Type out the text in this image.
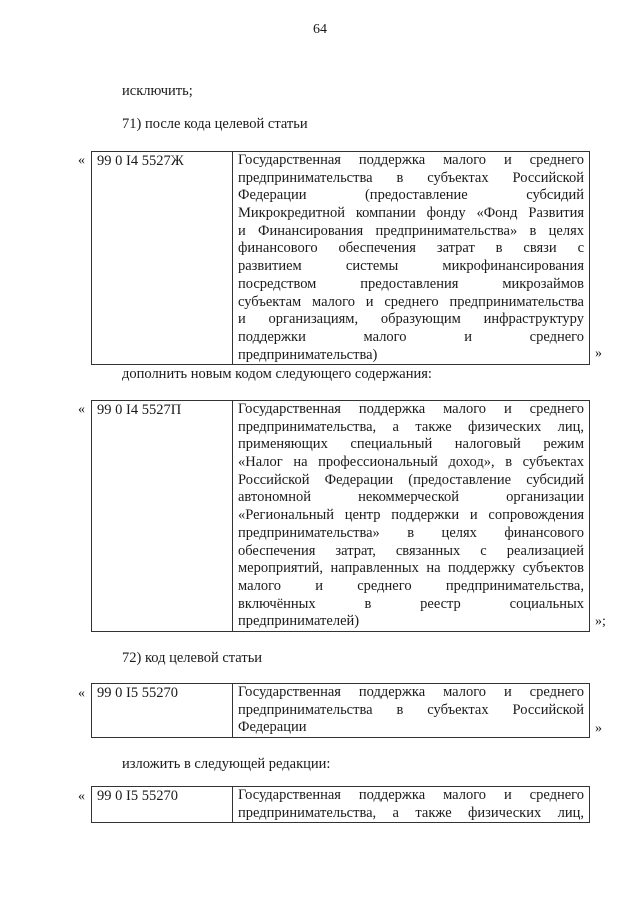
64
исключить;
71) после кода целевой статьи
« 99 0 I4 5527Ж	Государственная поддержка малого и среднего
предпринимательства в субъектах Российской
Федерации (предоставление субсидий
Микрокредитной компании фонду «Фонд Развития
и Финансирования предпринимательства» в целях
финансового обеспечения затрат в связи с
развитием системы микрофинансирования
посредством предоставления микрозаймов
субъектам малого и среднего предпринимательства
и организациям, образующим инфраструктуру
поддержки малого и среднего
предпринимательства)	»
дополнить новым кодом следующего содержания:
« 99 0 I4 5527П	Государственная поддержка малого и среднего
предпринимательства, а также физических лиц,
применяющих специальный налоговый режим
«Налог на профессиональный доход», в субъектах
Российской Федерации (предоставление субсидий
автономной некоммерческой организации
«Региональный центр поддержки и сопровождения
предпринимательства» в целях финансового
обеспечения затрат, связанных с реализацией
мероприятий, направленных на поддержку субъектов
малого и среднего предпринимательства,
включённых в реестр социальных
предпринимателей)	»;
72) код целевой статьи
« 99 0 I5 55270	Государственная поддержка малого и среднего
предпринимательства в субъектах Российской
Федерации	»
изложить в следующей редакции:
« 99 0 I5 55270	Государственная поддержка малого и среднего
предпринимательства, а также физических лиц,
